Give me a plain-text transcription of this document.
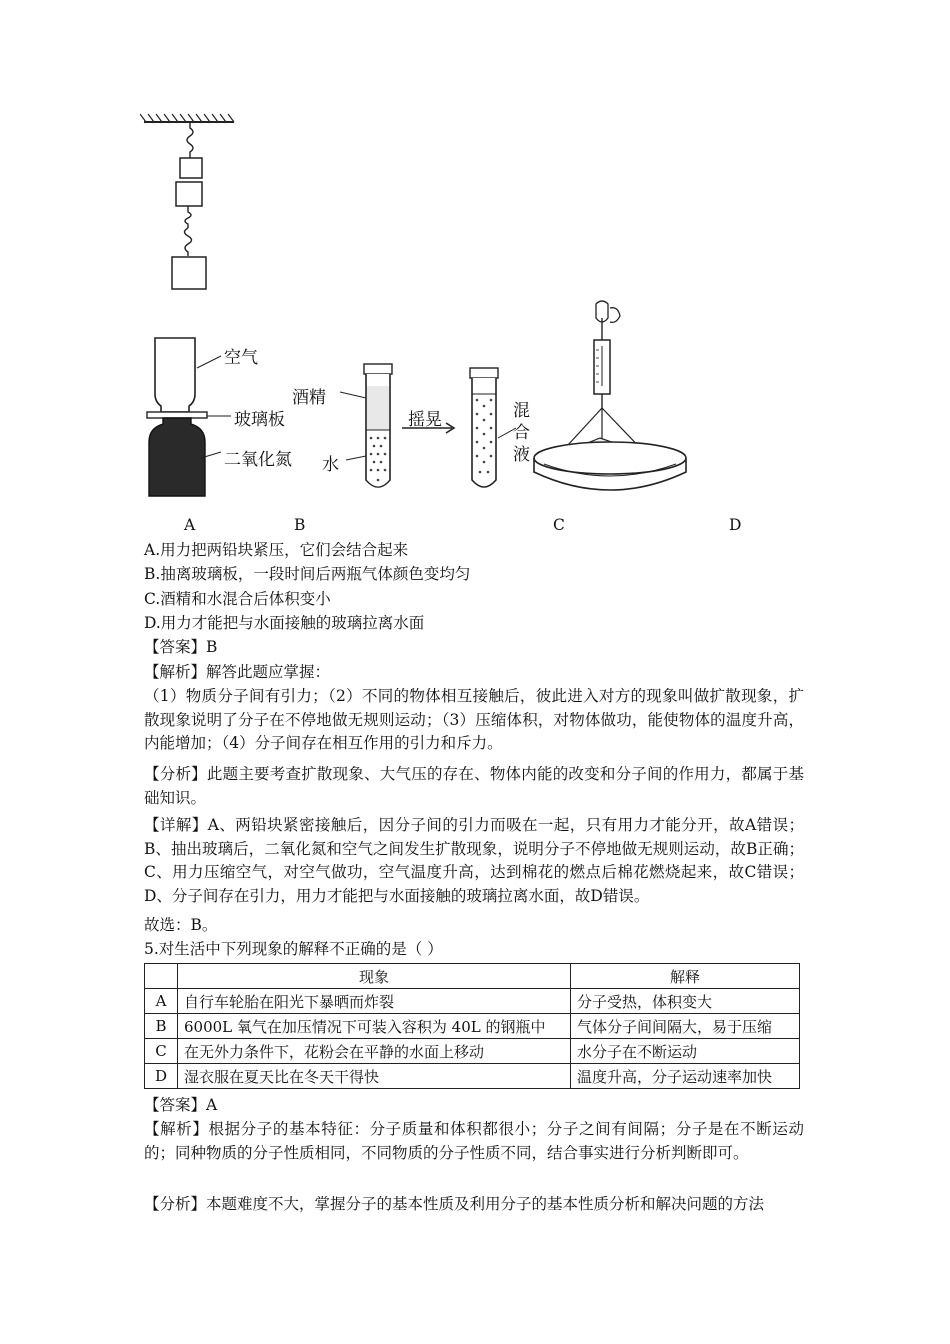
空气
玻璃板
二氧化氮
酒精
水
摇晃	混合液
A	B	C	D
A.用力把两铅块紧压，它们会结合起来
B.抽离玻璃板，一段时间后两瓶气体颜色变均匀
C.酒精和水混合后体积变小
D.用力才能把与水面接触的玻璃拉离水面
【答案】B
【解析】解答此题应掌握：
（1）物质分子间有引力；（2）不同的物体相互接触后，彼此进入对方的现象叫做扩散现象，扩散现象说明了分子在不停地做无规则运动；（3）压缩体积，对物体做功，能使物体的温度升高，内能增加；（4）分子间存在相互作用的引力和斥力。
【分析】此题主要考查扩散现象、大气压的存在、物体内能的改变和分子间的作用力，都属于基础知识。
【详解】A、两铅块紧密接触后，因分子间的引力而吸在一起，只有用力才能分开，故A错误；B、抽出玻璃后，二氧化氮和空气之间发生扩散现象，说明分子不停地做无规则运动，故B正确；C、用力压缩空气，对空气做功，空气温度升高，达到棉花的燃点后棉花燃烧起来，故C错误；D、分子间存在引力，用力才能把与水面接触的玻璃拉离水面，故D错误。
故选：B。
5.对生活中下列现象的解释不正确的是（ ）
	现象	解释
A	自行车轮胎在阳光下暴晒而炸裂	分子受热，体积变大
B	6000L 氧气在加压情况下可装入容积为 40L 的钢瓶中	气体分子间间隔大，易于压缩
C	在无外力条件下，花粉会在平静的水面上移动	水分子在不断运动
D	湿衣服在夏天比在冬天干得快	温度升高，分子运动速率加快
【答案】A
【解析】根据分子的基本特征：分子质量和体积都很小；分子之间有间隔；分子是在不断运动的；同种物质的分子性质相同，不同物质的分子性质不同，结合事实进行分析判断即可。
【分析】本题难度不大，掌握分子的基本性质及利用分子的基本性质分析和解决问题的方法
